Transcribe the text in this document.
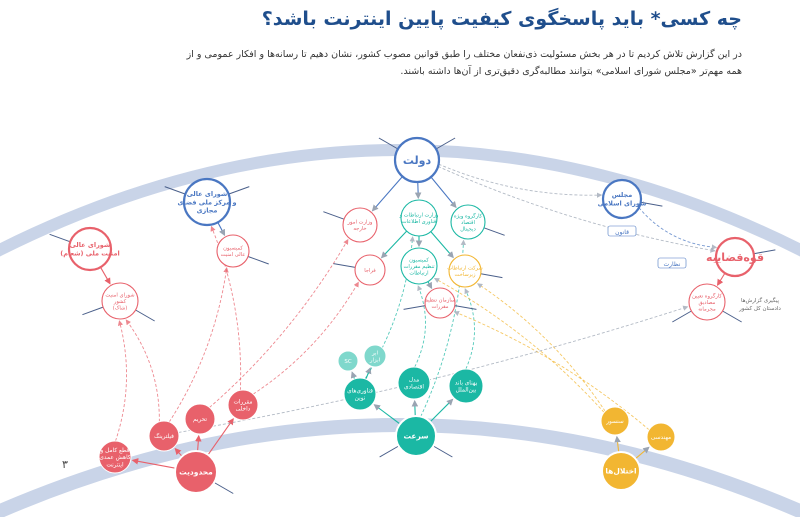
چه کسی* باید پاسخگوی کیفیت پایین اینترنت باشد؟
در این گزارش تلاش کردیم تا در هر بخش مسئولیت ذی‌نفعان مختلف را طبق قوانین مصوب کشور، نشان دهیم تا رسانه‌ها و افکار عمومی و از همه مهم‌تر «مجلس شورای اسلامی» بتوانند مطالبه‌گری دقیق‌تری از آن‌ها داشته باشند.
۳
دولت
مجلس
شورای اسلامی
قوه‌قضاییه
شورای عالی
و مرکز ملی فضای
مجازی
شورای عالی
امنیت ملی (شعام)
وزارت ارتباطات و
فناوری اطلاعات
کارگروه ویژه
اقتصاد
دیجیتال
وزارت امور
خارجه
فراجا
کمیسیون
تنظیم مقررات
ارتباطات
شرکت ارتباطات
زیرساخت
سازمان تنظیم
مقررات
کمیسیون
عالی امنیت
شورای امنیت
کشور
(شاک)
کارگروه تعیین
مصادیق
مجرمانه
SC
ابر
ابزار
فناوری‌های
نوین
مدل
اقتصادی
پهنای باند
بین‌الملل
سرعت
محدودیت
فیلترینگ
تحریم
مقررات
داخلی
قطع کامل و
کاهش عمدی
اینترنت
اختلال‌ها
سنسور
مهندسی
قانون
نظارت
پیگیری گزارش‌ها
دادستان کل کشور
